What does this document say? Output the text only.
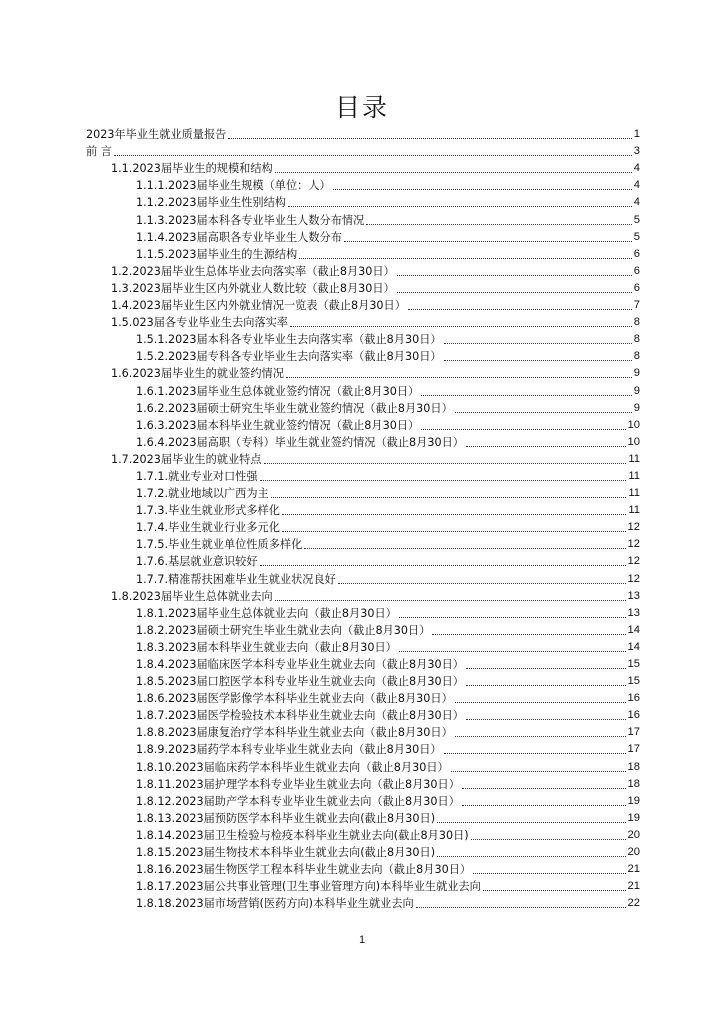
目录
2023年毕业生就业质量报告	1
前 言	3
1.1.2023届毕业生的规模和结构	4
1.1.1.2023届毕业生规模（单位：人）	4
1.1.2.2023届毕业生性别结构	4
1.1.3.2023届本科各专业毕业生人数分布情况	5
1.1.4.2023届高职各专业毕业生人数分布	5
1.1.5.2023届毕业生的生源结构	6
1.2.2023届毕业生总体毕业去向落实率（截止8月30日）	6
1.3.2023届毕业生区内外就业人数比较（截止8月30日）	6
1.4.2023届毕业生区内外就业情况一览表（截止8月30日）	7
1.5.023届各专业毕业生去向落实率	8
1.5.1.2023届本科各专业毕业生去向落实率（截止8月30日）	8
1.5.2.2023届专科各专业毕业生去向落实率（截止8月30日）	8
1.6.2023届毕业生的就业签约情况	9
1.6.1.2023届毕业生总体就业签约情况（截止8月30日）	9
1.6.2.2023届硕士研究生毕业生就业签约情况（截止8月30日）	9
1.6.3.2023届本科毕业生就业签约情况（截止8月30日）	10
1.6.4.2023届高职（专科）毕业生就业签约情况（截止8月30日）	10
1.7.2023届毕业生的就业特点	11
1.7.1.就业专业对口性强	11
1.7.2.就业地域以广西为主	11
1.7.3.毕业生就业形式多样化	11
1.7.4.毕业生就业行业多元化	12
1.7.5.毕业生就业单位性质多样化	12
1.7.6.基层就业意识较好	12
1.7.7.精准帮扶困难毕业生就业状况良好	12
1.8.2023届毕业生总体就业去向	13
1.8.1.2023届毕业生总体就业去向（截止8月30日）	13
1.8.2.2023届硕士研究生毕业生就业去向（截止8月30日）	14
1.8.3.2023届本科毕业生就业去向（截止8月30日）	14
1.8.4.2023届临床医学本科专业毕业生就业去向（截止8月30日）	15
1.8.5.2023届口腔医学本科专业毕业生就业去向（截止8月30日）	15
1.8.6.2023届医学影像学本科毕业生就业去向（截止8月30日）	16
1.8.7.2023届医学检验技术本科毕业生就业去向（截止8月30日）	16
1.8.8.2023届康复治疗学本科毕业生就业去向（截止8月30日）	17
1.8.9.2023届药学本科专业毕业生就业去向（截止8月30日）	17
1.8.10.2023届临床药学本科毕业生就业去向（截止8月30日）	18
1.8.11.2023届护理学本科专业毕业生就业去向（截止8月30日）	18
1.8.12.2023届助产学本科专业毕业生就业去向（截止8月30日）	19
1.8.13.2023届预防医学本科毕业生就业去向(截止8月30日)	19
1.8.14.2023届卫生检验与检疫本科毕业生就业去向(截止8月30日)	20
1.8.15.2023届生物技术本科毕业生就业去向(截止8月30日)	20
1.8.16.2023届生物医学工程本科毕业生就业去向（截止8月30日）	21
1.8.17.2023届公共事业管理(卫生事业管理方向)本科毕业生就业去向	21
1.8.18.2023届市场营销(医药方向)本科毕业生就业去向	22
1
